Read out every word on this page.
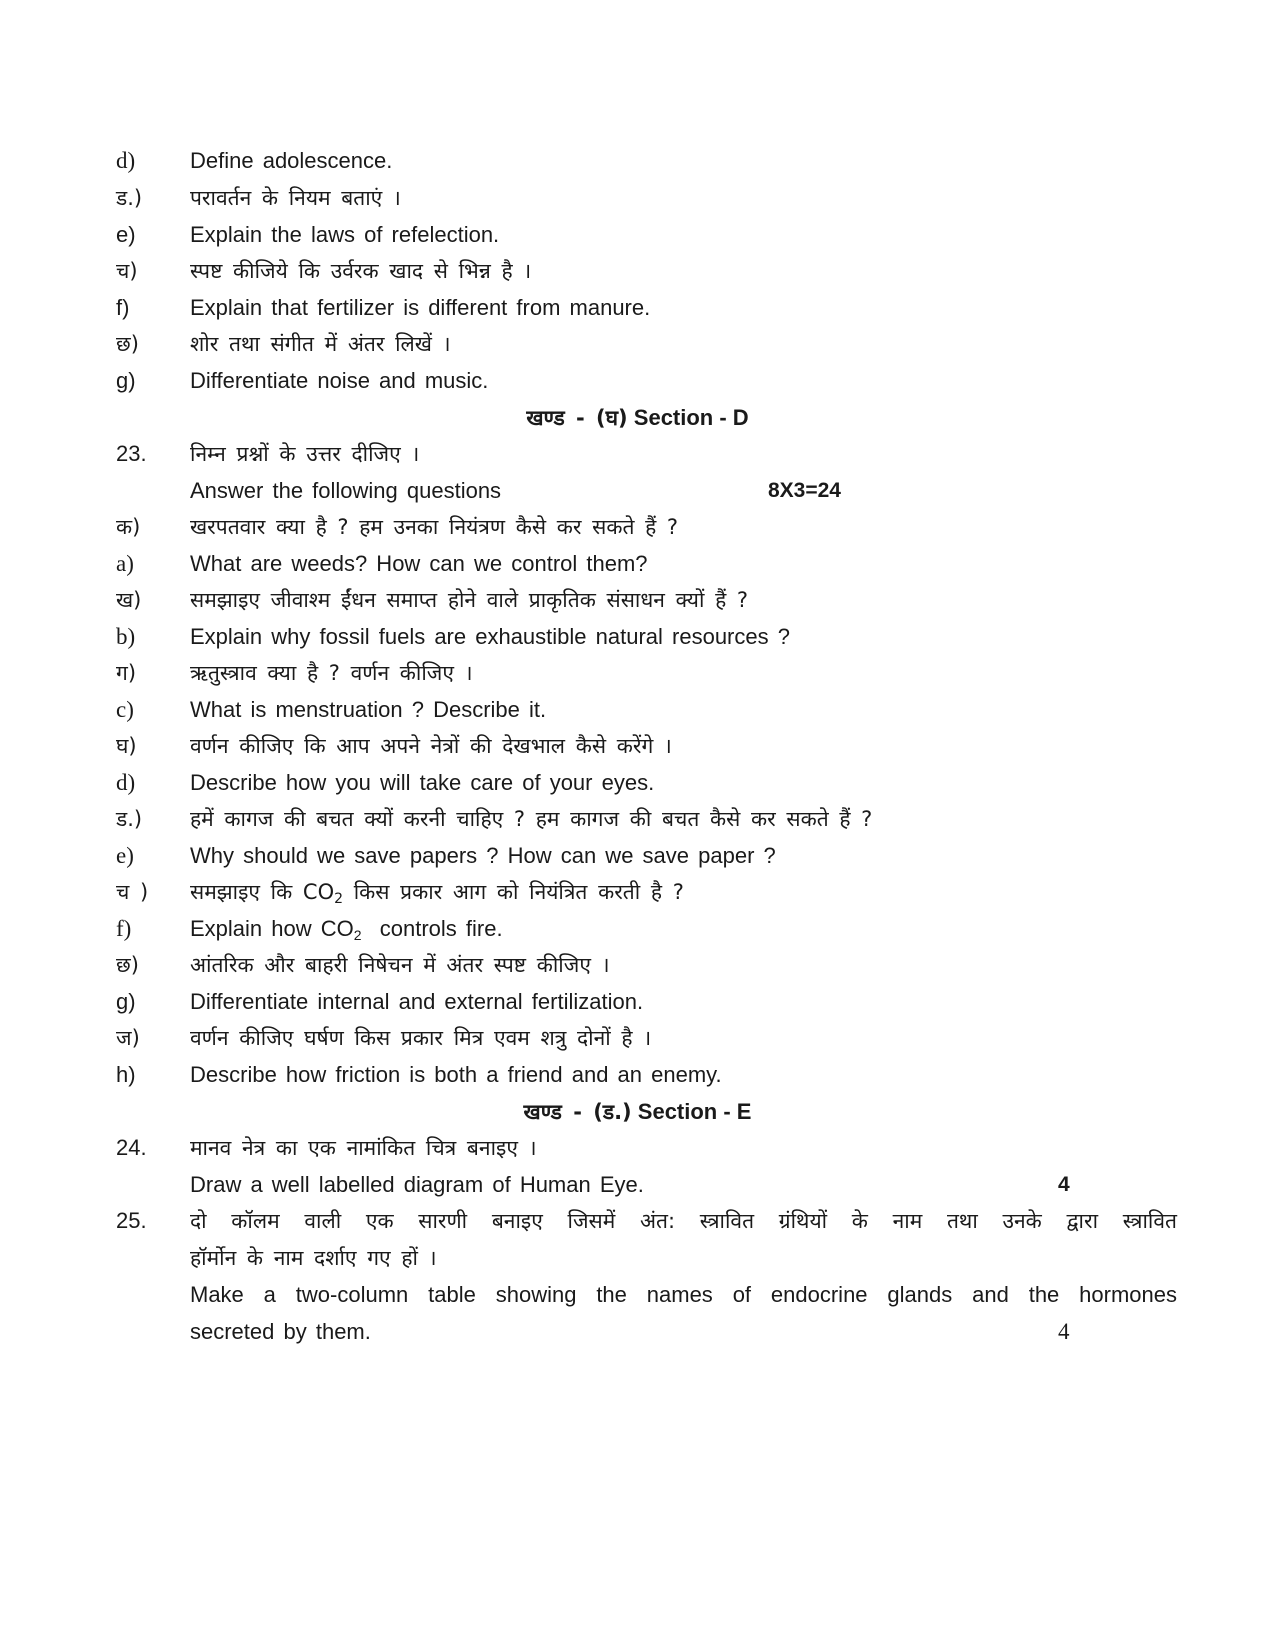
d) Define adolescence.
ड.) परावर्तन के नियम बताएं ।
e) Explain the laws of refelection.
च) स्पष्ट कीजिये कि उर्वरक खाद से भिन्न है ।
f)	Explain that fertilizer is different from manure.
छ) शोर तथा संगीत में अंतर लिखें ।
g) Differentiate noise and music.
खण्ड - (घ) Section - D
23. निम्न प्रश्नों के उत्तर दीजिए ।
Answer the following questions	8X3=24
क) खरपतवार क्या है ? हम उनका नियंत्रण कैसे कर सकते हैं ?
a)	What are weeds? How can we control them?
ख) समझाइए जीवाश्म ईंधन समाप्त होने वाले प्राकृतिक संसाधन क्यों हैं ?
b) Explain why fossil fuels are exhaustible natural resources ?
ग)	ऋतुस्त्राव क्या है ? वर्णन कीजिए ।
c)	What is menstruation ? Describe it.
घ)	वर्णन कीजिए कि आप अपने नेत्रों की देखभाल कैसे करेंगे ।
d) Describe how you will take care of your eyes.
ड.) हमें कागज की बचत क्यों करनी चाहिए ? हम कागज की बचत कैसे कर सकते हैं ?
e)	Why should we save papers ? How can we save paper ?
च ) समझाइए कि $CO_2$ किस प्रकार आग को नियंत्रित करती है ?
f)	Explain how $CO_2$  controls fire.
छ) आंतरिक और बाहरी निषेचन में अंतर स्पष्ट कीजिए ।
g) Differentiate internal and external fertilization.
ज) वर्णन कीजिए घर्षण किस प्रकार मित्र एवम शत्रु दोनों है ।
h) Describe how friction is both a friend and an enemy.
खण्ड - (ड.) Section - E
24. मानव नेत्र का एक नामांकित चित्र बनाइए ।
Draw a well labelled diagram of Human Eye.	4
25. दो कॉलम वाली एक सारणी बनाइए जिसमें अंत: स्त्रावित ग्रंथियों के नाम तथा उनके द्वारा स्त्रावित
हॉर्मोन के नाम दर्शाए गए हों ।
Make a two-column table showing the names of endocrine glands and the hormones
secreted by them.	4
